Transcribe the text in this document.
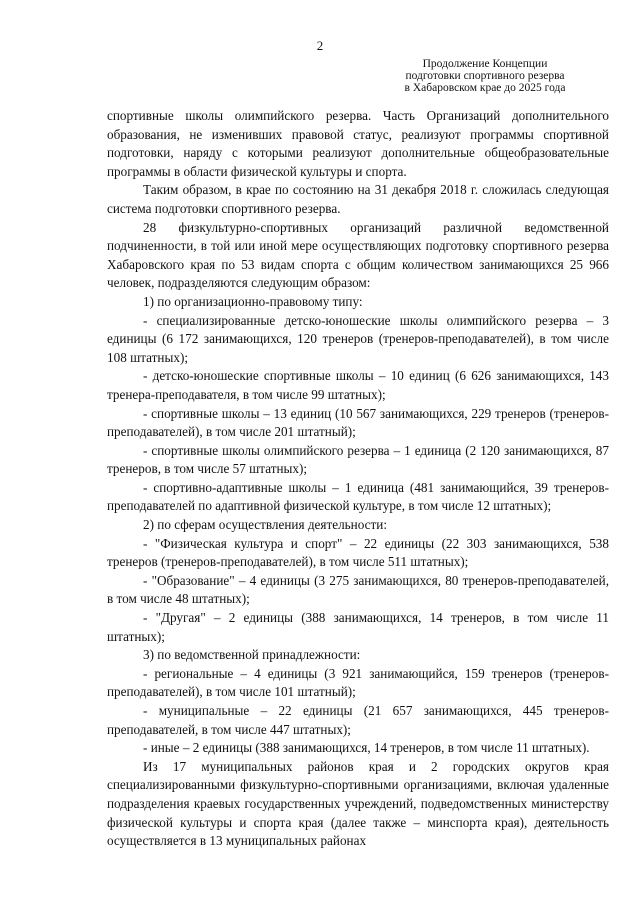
2
Продолжение Концепции
подготовки спортивного резерва
в Хабаровском крае до 2025 года

спортивные школы олимпийского резерва. Часть Организаций дополнительного образования, не изменивших правовой статус, реализуют программы спортивной подготовки, наряду с которыми реализуют дополнительные общеобразовательные программы в области физической культуры и спорта.

Таким образом, в крае по состоянию на 31 декабря 2018 г. сложилась следующая система подготовки спортивного резерва.

28 физкультурно-спортивных организаций различной ведомственной подчиненности, в той или иной мере осуществляющих подготовку спортивного резерва Хабаровского края по 53 видам спорта с общим количеством занимающихся 25 966 человек, подразделяются следующим образом:

1) по организационно-правовому типу:

- специализированные детско-юношеские школы олимпийского резерва – 3 единицы (6 172 занимающихся, 120 тренеров (тренеров-преподавателей), в том числе 108 штатных);

- детско-юношеские спортивные школы – 10 единиц (6 626 занимающихся, 143 тренера-преподавателя, в том числе 99 штатных);

- спортивные школы – 13 единиц (10 567 занимающихся, 229 тренеров (тренеров-преподавателей), в том числе 201 штатный);

- спортивные школы олимпийского резерва – 1 единица (2 120 занимающихся, 87 тренеров, в том числе 57 штатных);

- спортивно-адаптивные школы – 1 единица (481 занимающийся, 39 тренеров-преподавателей по адаптивной физической культуре, в том числе 12 штатных);

2) по сферам осуществления деятельности:

- "Физическая культура и спорт" – 22 единицы (22 303 занимающихся, 538 тренеров (тренеров-преподавателей), в том числе 511 штатных);

- "Образование" – 4 единицы (3 275 занимающихся, 80 тренеров-преподавателей, в том числе 48 штатных);

- "Другая" – 2 единицы (388 занимающихся, 14 тренеров, в том числе 11 штатных);

3) по ведомственной принадлежности:

- региональные – 4 единицы (3 921 занимающийся, 159 тренеров (тренеров-преподавателей), в том числе 101 штатный);

- муниципальные – 22 единицы (21 657 занимающихся, 445 тренеров-преподавателей, в том числе 447 штатных);

- иные – 2 единицы (388 занимающихся, 14 тренеров, в том числе 11 штатных).

Из 17 муниципальных районов края и 2 городских округов края специализированными физкультурно-спортивными организациями, включая удаленные подразделения краевых государственных учреждений, подведомственных министерству физической культуры и спорта края (далее также – минспорта края), деятельность осуществляется в 13 муниципальных районах
